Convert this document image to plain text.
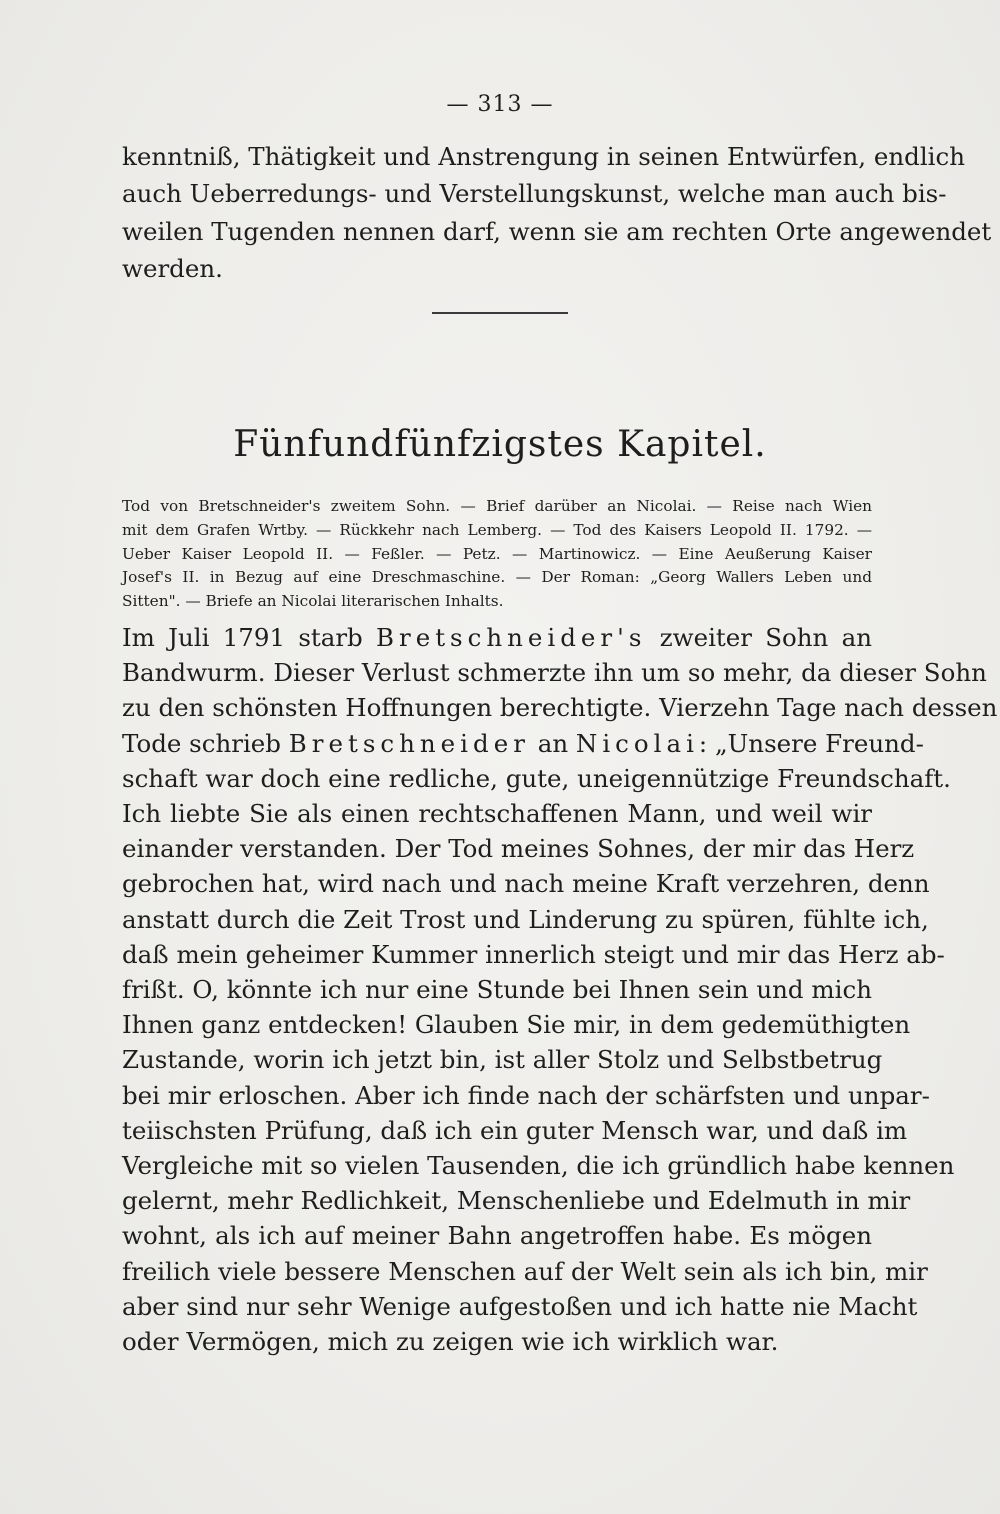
— 313 —
kenntniß, Thätigkeit und Anstrengung in seinen Entwürfen, endlich
auch Ueberredungs- und Verstellungskunst, welche man auch bis-
weilen Tugenden nennen darf, wenn sie am rechten Orte angewendet
werden.
Fünfundfünfzigstes Kapitel.
Tod von Bretschneider's zweitem Sohn. — Brief darüber an Nicolai. — Reise nach Wien
mit dem Grafen Wrtby. — Rückkehr nach Lemberg. — Tod des Kaisers Leopold II. 1792. —
Ueber Kaiser Leopold II. — Feßler. — Petz. — Martinowicz. — Eine Aeußerung Kaiser
Josef's II. in Bezug auf eine Dreschmaschine. — Der Roman: „Georg Wallers Leben und
Sitten". — Briefe an Nicolai literarischen Inhalts.
Im Juli 1791 starb Bretschneider's zweiter Sohn an
Bandwurm. Dieser Verlust schmerzte ihn um so mehr, da dieser Sohn
zu den schönsten Hoffnungen berechtigte. Vierzehn Tage nach dessen
Tode schrieb Bretschneider an Nicolai: „Unsere Freund-
schaft war doch eine redliche, gute, uneigennützige Freundschaft.
Ich liebte Sie als einen rechtschaffenen Mann, und weil wir
einander verstanden. Der Tod meines Sohnes, der mir das Herz
gebrochen hat, wird nach und nach meine Kraft verzehren, denn
anstatt durch die Zeit Trost und Linderung zu spüren, fühlte ich,
daß mein geheimer Kummer innerlich steigt und mir das Herz ab-
frißt. O, könnte ich nur eine Stunde bei Ihnen sein und mich
Ihnen ganz entdecken! Glauben Sie mir, in dem gedemüthigten
Zustande, worin ich jetzt bin, ist aller Stolz und Selbstbetrug
bei mir erloschen. Aber ich finde nach der schärfsten und unpar-
teiischsten Prüfung, daß ich ein guter Mensch war, und daß im
Vergleiche mit so vielen Tausenden, die ich gründlich habe kennen
gelernt, mehr Redlichkeit, Menschenliebe und Edelmuth in mir
wohnt, als ich auf meiner Bahn angetroffen habe. Es mögen
freilich viele bessere Menschen auf der Welt sein als ich bin, mir
aber sind nur sehr Wenige aufgestoßen und ich hatte nie Macht
oder Vermögen, mich zu zeigen wie ich wirklich war.
